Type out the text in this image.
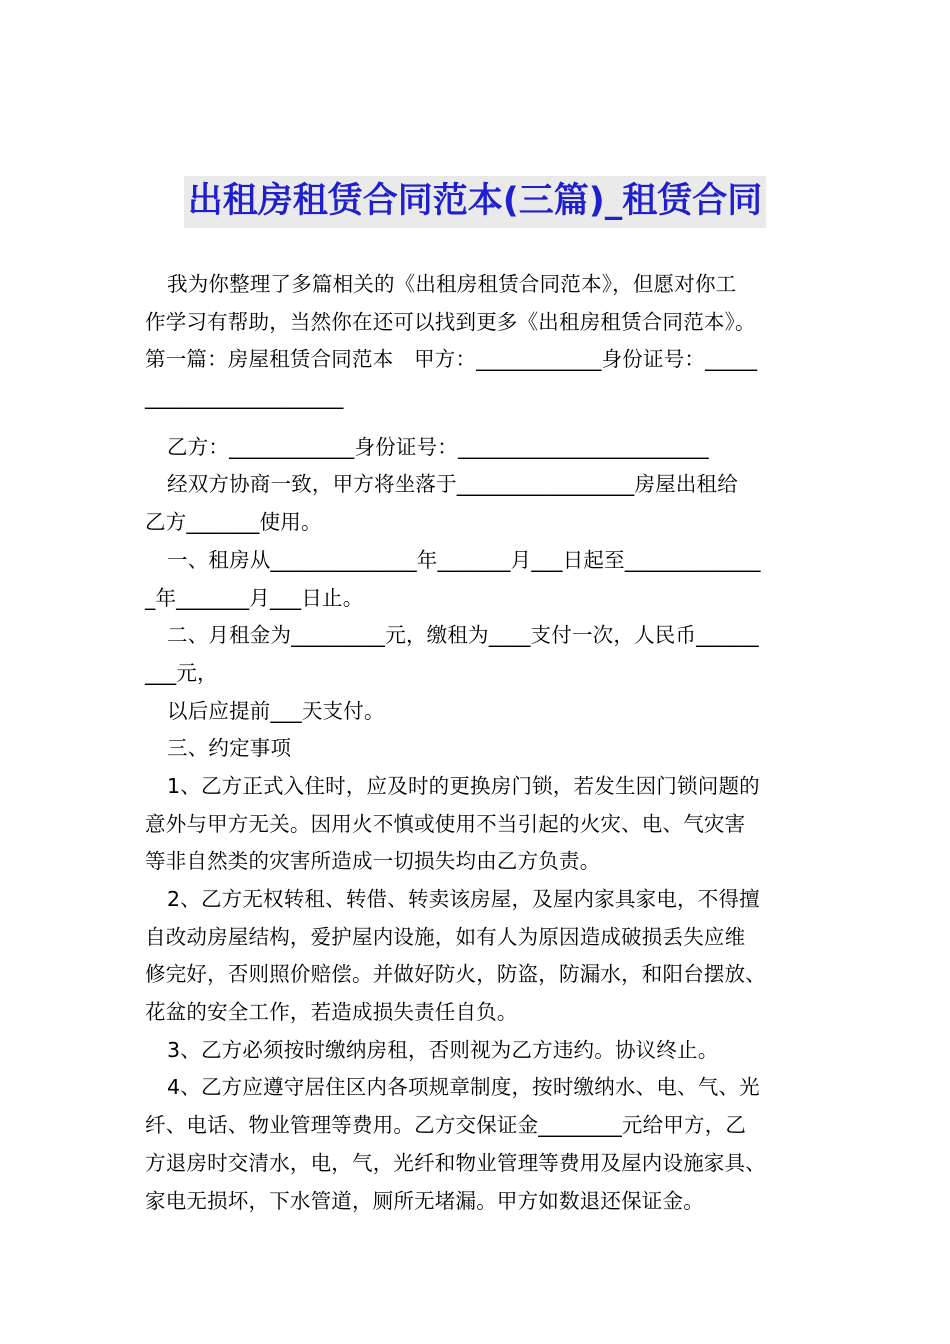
出租房租赁合同范本(三篇)_租赁合同
我为你整理了多篇相关的《出租房租赁合同范本》，但愿对你工
作学习有帮助，当然你在还可以找到更多《出租房租赁合同范本》。
第一篇：房屋租赁合同范本　甲方：____________身份证号：_____
___________________
乙方：____________身份证号：________________________
经双方协商一致，甲方将坐落于_________________房屋出租给
乙方_______使用。
一、租房从______________年_______月___日起至_____________
_年_______月___日止。
二、月租金为_________元，缴租为____支付一次，人民币______
___元，
以后应提前___天支付。
三、约定事项
1、乙方正式入住时，应及时的更换房门锁，若发生因门锁问题的
意外与甲方无关。因用火不慎或使用不当引起的火灾、电、气灾害
等非自然类的灾害所造成一切损失均由乙方负责。
2、乙方无权转租、转借、转卖该房屋，及屋内家具家电，不得擅
自改动房屋结构，爱护屋内设施，如有人为原因造成破损丢失应维
修完好，否则照价赔偿。并做好防火，防盗，防漏水，和阳台摆放、
花盆的安全工作，若造成损失责任自负。
3、乙方必须按时缴纳房租，否则视为乙方违约。协议终止。
4、乙方应遵守居住区内各项规章制度，按时缴纳水、电、气、光
纤、电话、物业管理等费用。乙方交保证金________元给甲方，乙
方退房时交清水，电，气，光纤和物业管理等费用及屋内设施家具、
家电无损坏，下水管道，厕所无堵漏。甲方如数退还保证金。
